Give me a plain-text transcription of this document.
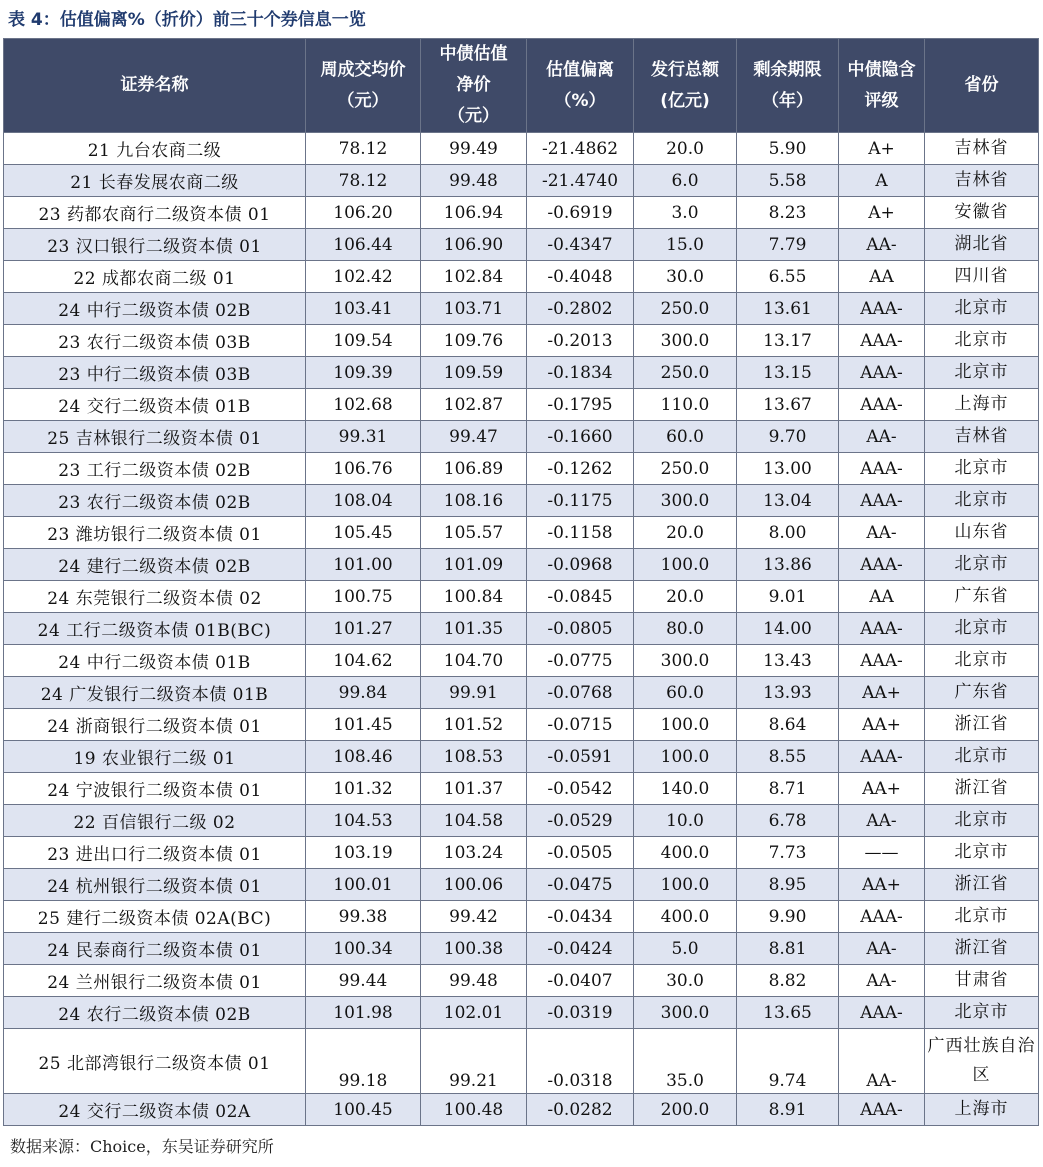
表 4：估值偏离%（折价）前三十个券信息一览
证券名称	周成交均价（元）	中债估值净价（元）	估值偏离（%）	发行总额(亿元)	剩余期限（年）	中债隐含评级	省份
21 九台农商二级	78.12	99.49	-21.4862	20.0	5.90	A+	吉林省
21 长春发展农商二级	78.12	99.48	-21.4740	6.0	5.58	A	吉林省
23 药都农商行二级资本债 01	106.20	106.94	-0.6919	3.0	8.23	A+	安徽省
23 汉口银行二级资本债 01	106.44	106.90	-0.4347	15.0	7.79	AA-	湖北省
22 成都农商二级 01	102.42	102.84	-0.4048	30.0	6.55	AA	四川省
24 中行二级资本债 02B	103.41	103.71	-0.2802	250.0	13.61	AAA-	北京市
23 农行二级资本债 03B	109.54	109.76	-0.2013	300.0	13.17	AAA-	北京市
23 中行二级资本债 03B	109.39	109.59	-0.1834	250.0	13.15	AAA-	北京市
24 交行二级资本债 01B	102.68	102.87	-0.1795	110.0	13.67	AAA-	上海市
25 吉林银行二级资本债 01	99.31	99.47	-0.1660	60.0	9.70	AA-	吉林省
23 工行二级资本债 02B	106.76	106.89	-0.1262	250.0	13.00	AAA-	北京市
23 农行二级资本债 02B	108.04	108.16	-0.1175	300.0	13.04	AAA-	北京市
23 潍坊银行二级资本债 01	105.45	105.57	-0.1158	20.0	8.00	AA-	山东省
24 建行二级资本债 02B	101.00	101.09	-0.0968	100.0	13.86	AAA-	北京市
24 东莞银行二级资本债 02	100.75	100.84	-0.0845	20.0	9.01	AA	广东省
24 工行二级资本债 01B(BC)	101.27	101.35	-0.0805	80.0	14.00	AAA-	北京市
24 中行二级资本债 01B	104.62	104.70	-0.0775	300.0	13.43	AAA-	北京市
24 广发银行二级资本债 01B	99.84	99.91	-0.0768	60.0	13.93	AA+	广东省
24 浙商银行二级资本债 01	101.45	101.52	-0.0715	100.0	8.64	AA+	浙江省
19 农业银行二级 01	108.46	108.53	-0.0591	100.0	8.55	AAA-	北京市
24 宁波银行二级资本债 01	101.32	101.37	-0.0542	140.0	8.71	AA+	浙江省
22 百信银行二级 02	104.53	104.58	-0.0529	10.0	6.78	AA-	北京市
23 进出口行二级资本债 01	103.19	103.24	-0.0505	400.0	7.73	——	北京市
24 杭州银行二级资本债 01	100.01	100.06	-0.0475	100.0	8.95	AA+	浙江省
25 建行二级资本债 02A(BC)	99.38	99.42	-0.0434	400.0	9.90	AAA-	北京市
24 民泰商行二级资本债 01	100.34	100.38	-0.0424	5.0	8.81	AA-	浙江省
24 兰州银行二级资本债 01	99.44	99.48	-0.0407	30.0	8.82	AA-	甘肃省
24 农行二级资本债 02B	101.98	102.01	-0.0319	300.0	13.65	AAA-	北京市
25 北部湾银行二级资本债 01	99.18	99.21	-0.0318	35.0	9.74	AA-	广西壮族自治区
24 交行二级资本债 02A	100.45	100.48	-0.0282	200.0	8.91	AAA-	上海市
数据来源：Choice，东吴证券研究所
